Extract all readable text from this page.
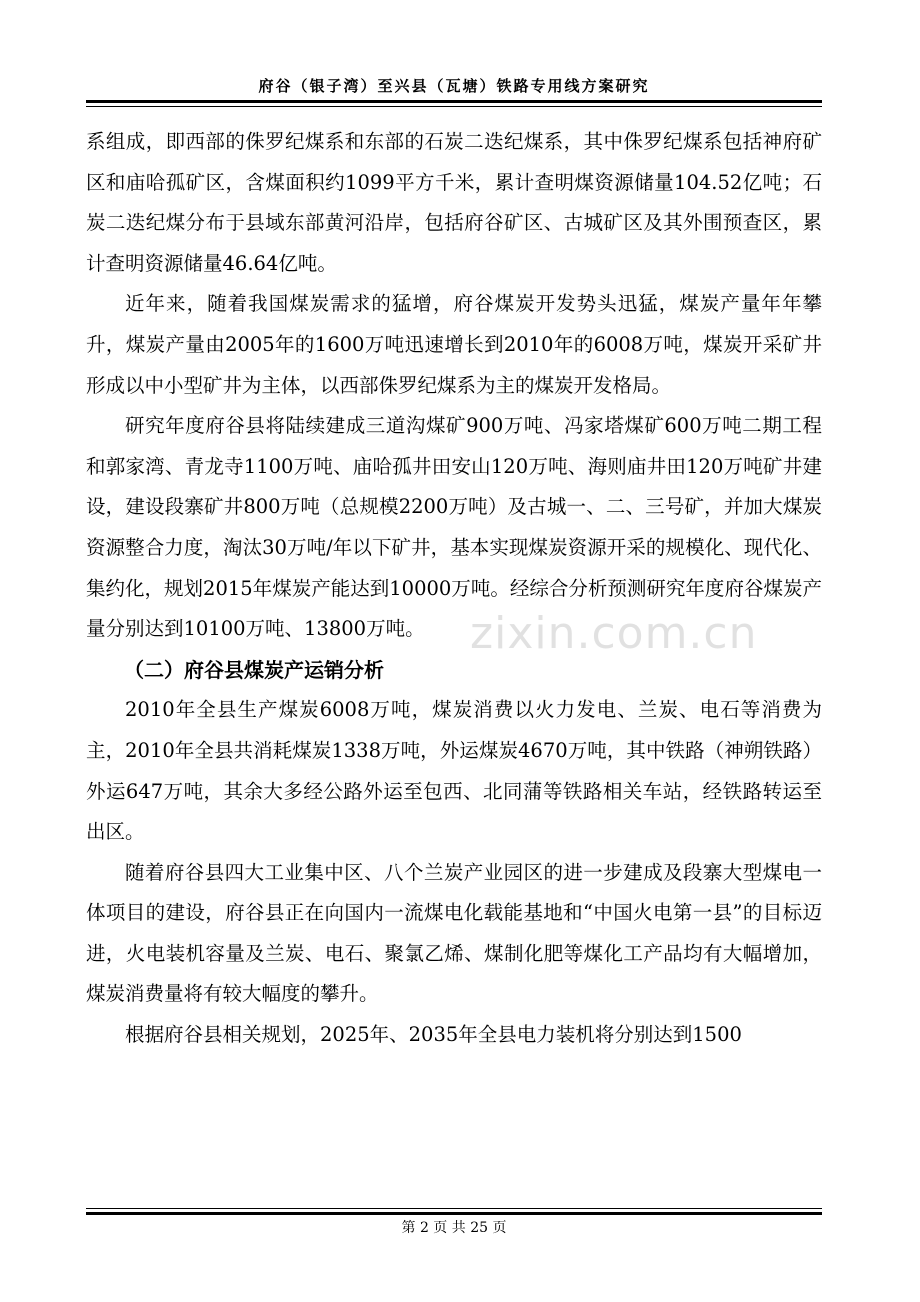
府谷（银子湾）至兴县（瓦塘）铁路专用线方案研究

系组成，即西部的侏罗纪煤系和东部的石炭二迭纪煤系，其中侏罗纪煤系包括神府矿区和庙哈孤矿区，含煤面积约1099平方千米，累计查明煤资源储量104.52亿吨；石炭二迭纪煤分布于县域东部黄河沿岸，包括府谷矿区、古城矿区及其外围预查区，累计查明资源储量46.64亿吨。

近年来，随着我国煤炭需求的猛增，府谷煤炭开发势头迅猛，煤炭产量年年攀升，煤炭产量由2005年的1600万吨迅速增长到2010年的6008万吨，煤炭开采矿井形成以中小型矿井为主体，以西部侏罗纪煤系为主的煤炭开发格局。

研究年度府谷县将陆续建成三道沟煤矿900万吨、冯家塔煤矿600万吨二期工程和郭家湾、青龙寺1100万吨、庙哈孤井田安山120万吨、海则庙井田120万吨矿井建设，建设段寨矿井800万吨（总规模2200万吨）及古城一、二、三号矿，并加大煤炭资源整合力度，淘汰30万吨/年以下矿井，基本实现煤炭资源开采的规模化、现代化、集约化，规划2015年煤炭产能达到10000万吨。经综合分析预测研究年度府谷煤炭产量分别达到10100万吨、13800万吨。

（二）府谷县煤炭产运销分析

2010年全县生产煤炭6008万吨，煤炭消费以火力发电、兰炭、电石等消费为主，2010年全县共消耗煤炭1338万吨，外运煤炭4670万吨，其中铁路（神朔铁路）外运647万吨，其余大多经公路外运至包西、北同蒲等铁路相关车站，经铁路转运至出区。

随着府谷县四大工业集中区、八个兰炭产业园区的进一步建成及段寨大型煤电一体项目的建设，府谷县正在向国内一流煤电化载能基地和“中国火电第一县”的目标迈进，火电装机容量及兰炭、电石、聚氯乙烯、煤制化肥等煤化工产品均有大幅增加，煤炭消费量将有较大幅度的攀升。

根据府谷县相关规划，2025年、2035年全县电力装机将分别达到1500

zixin.com.cn
第 2 页 共 25 页
